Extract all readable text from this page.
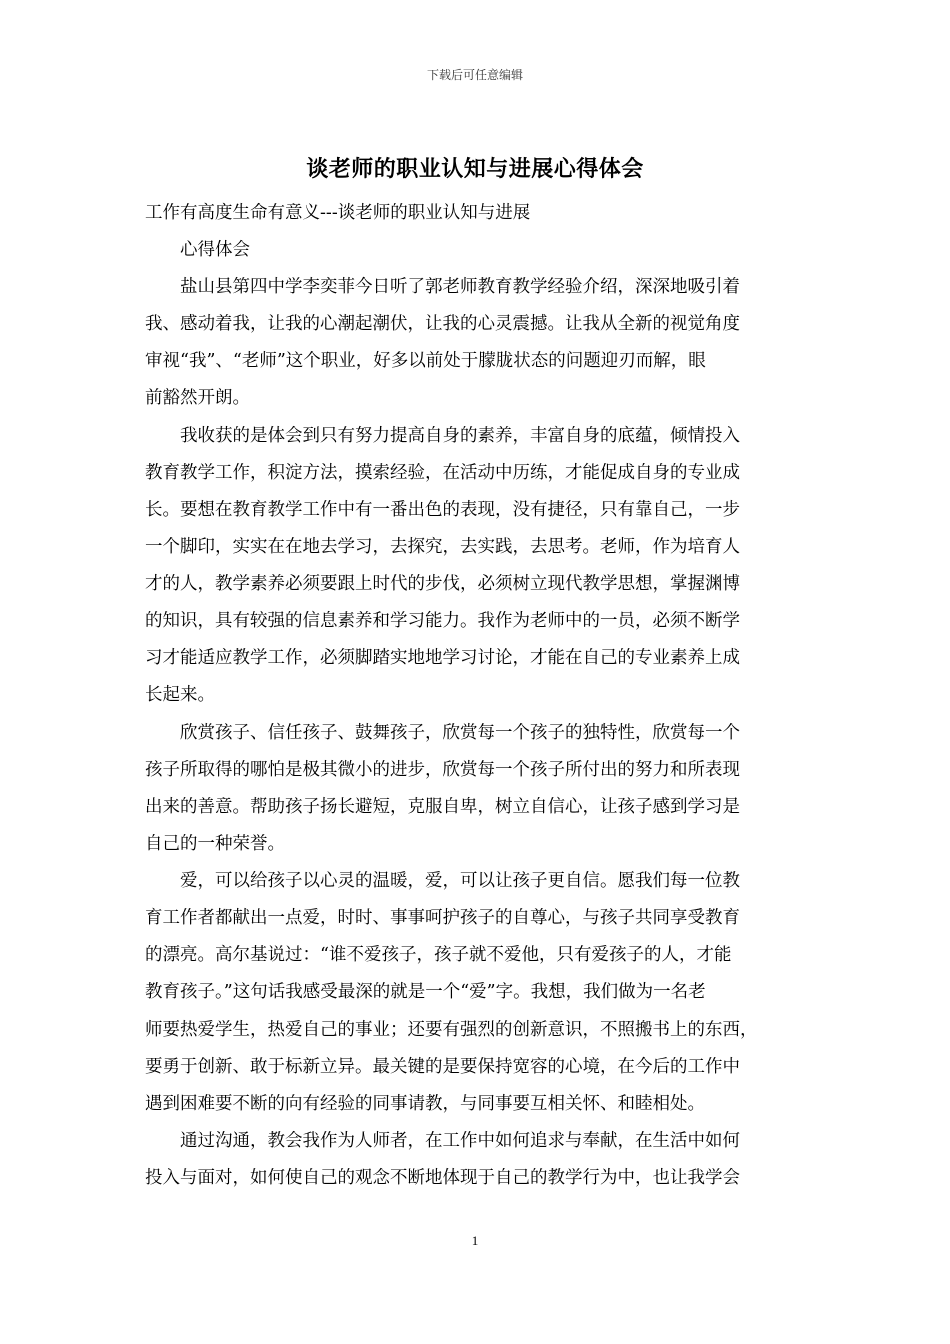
下载后可任意编辑
谈老师的职业认知与进展心得体会
工作有高度生命有意义---谈老师的职业认知与进展
　　心得体会
　　盐山县第四中学李奕菲今日听了郭老师教育教学经验介绍，深深地吸引着
我、感动着我，让我的心潮起潮伏，让我的心灵震撼。让我从全新的视觉角度
审视“我”、“老师”这个职业，好多以前处于朦胧状态的问题迎刃而解，眼
前豁然开朗。
　　我收获的是体会到只有努力提高自身的素养，丰富自身的底蕴，倾情投入
教育教学工作，积淀方法，摸索经验，在活动中历练，才能促成自身的专业成
长。要想在教育教学工作中有一番出色的表现，没有捷径，只有靠自己，一步
一个脚印，实实在在地去学习，去探究，去实践，去思考。老师，作为培育人
才的人，教学素养必须要跟上时代的步伐，必须树立现代教学思想，掌握渊博
的知识，具有较强的信息素养和学习能力。我作为老师中的一员，必须不断学
习才能适应教学工作，必须脚踏实地地学习讨论，才能在自己的专业素养上成
长起来。
　　欣赏孩子、信任孩子、鼓舞孩子，欣赏每一个孩子的独特性，欣赏每一个
孩子所取得的哪怕是极其微小的进步，欣赏每一个孩子所付出的努力和所表现
出来的善意。帮助孩子扬长避短，克服自卑，树立自信心，让孩子感到学习是
自己的一种荣誉。
　　爱，可以给孩子以心灵的温暖，爱，可以让孩子更自信。愿我们每一位教
育工作者都献出一点爱，时时、事事呵护孩子的自尊心，与孩子共同享受教育
的漂亮。高尔基说过：“谁不爱孩子，孩子就不爱他，只有爱孩子的人，才能
教育孩子。”这句话我感受最深的就是一个“爱”字。我想，我们做为一名老
师要热爱学生，热爱自己的事业；还要有强烈的创新意识，不照搬书上的东西，
要勇于创新、敢于标新立异。最关键的是要保持宽容的心境，在今后的工作中
遇到困难要不断的向有经验的同事请教，与同事要互相关怀、和睦相处。
　　通过沟通，教会我作为人师者，在工作中如何追求与奉献，在生活中如何
投入与面对，如何使自己的观念不断地体现于自己的教学行为中，也让我学会
1
